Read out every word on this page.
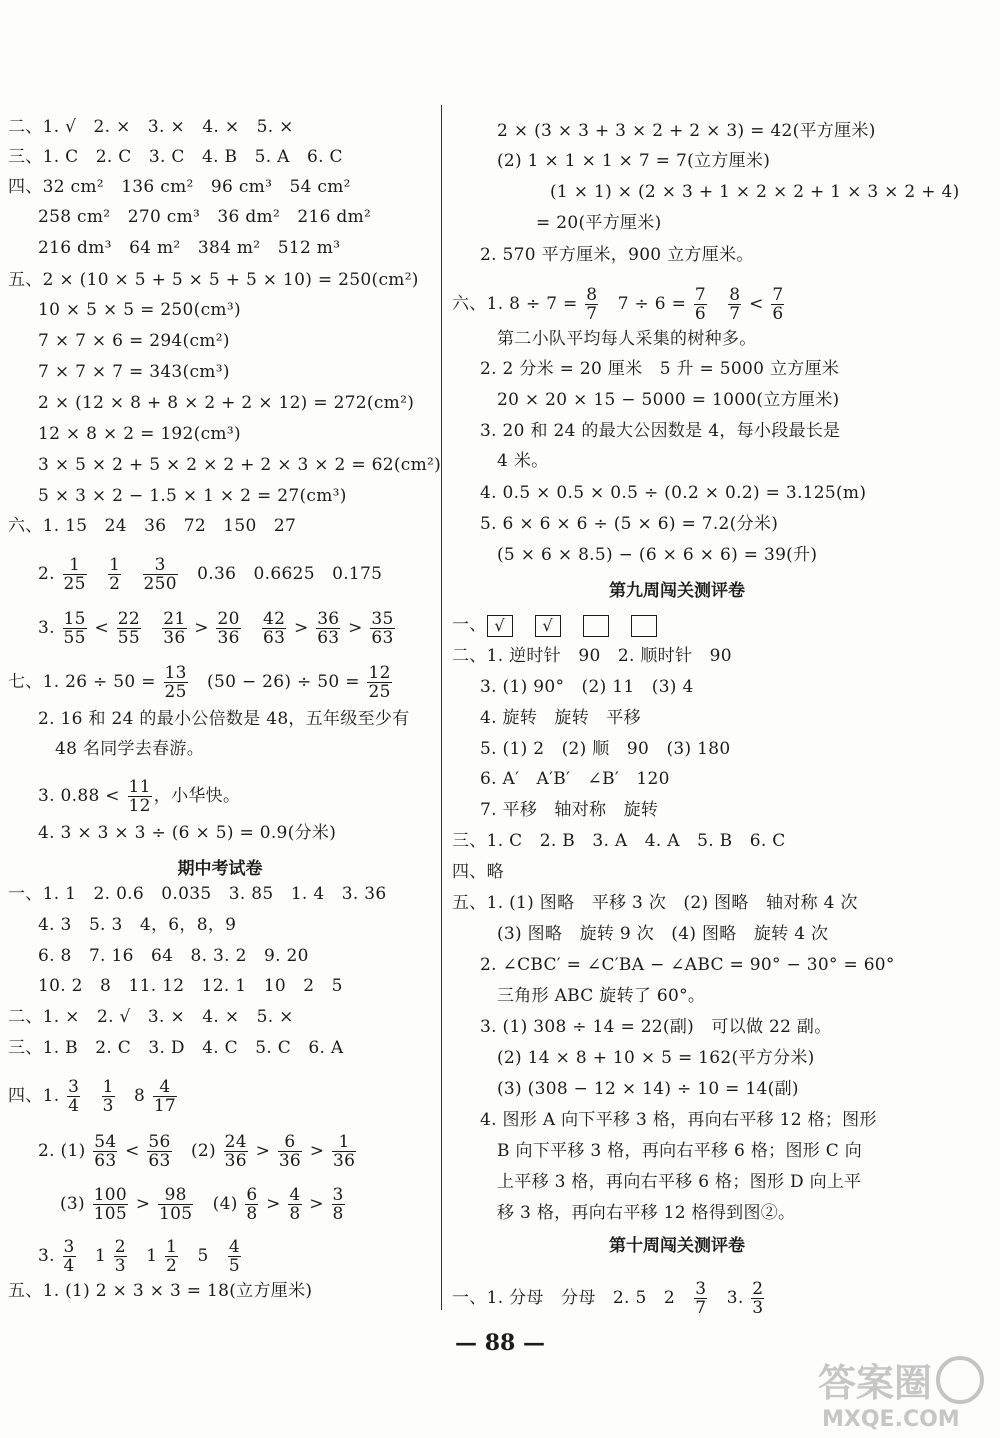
二、1. √　2. ×　3. ×　4. ×　5. ×
三、1. C　2. C　3. C　4. B　5. A　6. C
四、32 cm²　136 cm²　96 cm³　54 cm²
258 cm²　270 cm³　36 dm²　216 dm²
216 dm³　64 m²　384 m²　512 m³
五、2 × (10 × 5 + 5 × 5 + 5 × 10) = 250(cm²)
10 × 5 × 5 = 250(cm³)
7 × 7 × 6 = 294(cm²)
7 × 7 × 7 = 343(cm³)
2 × (12 × 8 + 8 × 2 + 2 × 12) = 272(cm²)
12 × 8 × 2 = 192(cm³)
3 × 5 × 2 + 5 × 2 × 2 + 2 × 3 × 2 = 62(cm²)
5 × 3 × 2 − 1.5 × 1 × 2 = 27(cm³)
六、1. 15　24　36　72　150　27
2. $\frac{1}{25}$
　 $\frac{1}{2}$
　 $\frac{3}{250}$ 　0.36　0.6625　0.175
3. $\frac{15}{55} < \frac{22}{55}$
　 $\frac{21}{36} > \frac{20}{36}$
　 $\frac{42}{63} > \frac{36}{63} > \frac{35}{63}$
七、1. $26 \div 50 = \frac{13}{25}$ 　$(50 - 26) \div 50 = \frac{12}{25}$
2. 16 和 24 的最小公倍数是 48，五年级至少有
48 名同学去春游。
3. $0.88 < \frac{11}{12}$ ，小华快。
4. 3 × 3 × 3 ÷ (6 × 5) = 0.9(分米)
一、1. 1　2. 0.6　0.035　3. 85　1. 4　3. 36
4. 3　5. 3　4，6，8，9
6. 8　7. 16　64　8. 3. 2　9. 20
10. 2　8　11. 12　12. 1　10　2　5
二、1. ×　2. √　3. ×　4. ×　5. ×
三、1. B　2. C　3. D　4. C　5. C　6. A
四、1. $\frac{3}{4}$
　 $\frac{1}{3}$ 　$8 \frac{4}{17}$
2. $(1) \frac{54}{63} < \frac{56}{63}$ 　$(2) \frac{24}{36} > \frac{6}{36} > \frac{1}{36}$
$(3) \frac{100}{105} > \frac{98}{105}$ 　$(4) \frac{6}{8} > \frac{4}{8} > \frac{3}{8}$
3. $\frac{3}{4}$ 　$1 \frac{2}{3}$ 　$1 \frac{1}{2}$ 　5　 $\frac{4}{5}$
五、1. (1) 2 × 3 × 3 = 18(立方厘米)
期中考试卷
2 × (3 × 3 + 3 × 2 + 2 × 3) = 42(平方厘米)
(2) 1 × 1 × 1 × 7 = 7(立方厘米)
(1 × 1) × (2 × 3 + 1 × 2 × 2 + 1 × 3 × 2 + 4)
= 20(平方厘米)
2. 570 平方厘米，900 立方厘米。
六、1. $8 \div 7 = \frac{8}{7}$ 　$7 \div 6 = \frac{7}{6}$
　 $\frac{8}{7} < \frac{7}{6}$
第二小队平均每人采集的树种多。
2. 2 分米 = 20 厘米　5 升 = 5000 立方厘米
20 × 20 × 15 − 5000 = 1000(立方厘米)
3. 20 和 24 的最大公因数是 4，每小段最长是
4 米。
4. 0.5 × 0.5 × 0.5 ÷ (0.2 × 0.2) = 3.125(m)
5. 6 × 6 × 6 ÷ (5 × 6) = 7.2(分米)
(5 × 6 × 8.5) − (6 × 6 × 6) = 39(升)
二、1. 逆时针　90　2. 顺时针　90
3. (1) 90°　(2) 11　(3) 4
4. 旋转　旋转　平移
5. (1) 2　(2) 顺　90　(3) 180
6. A′　A′B′　∠B′　120
7. 平移　轴对称　旋转
三、1. C　2. B　3. A　4. A　5. B　6. C
四、略
五、1. (1) 图略　平移 3 次　(2) 图略　轴对称 4 次
(3) 图略　旋转 9 次　(4) 图略　旋转 4 次
2. ∠CBC′ = ∠C′BA − ∠ABC = 90° − 30° = 60°
三角形 ABC 旋转了 60°。
3. (1) 308 ÷ 14 = 22(副)　可以做 22 副。
(2) 14 × 8 + 10 × 5 = 162(平方分米)
(3) (308 − 12 × 14) ÷ 10 = 14(副)
4. 图形 A 向下平移 3 格，再向右平移 12 格；图形
B 向下平移 3 格，再向右平移 6 格；图形 C 向
上平移 3 格，再向右平移 6 格；图形 D 向上平
移 3 格，再向右平移 12 格得到图②。
一、1. 分母　分母　2. 5　2　 $\frac{3}{7}$ 　3. $\frac{2}{3}$
第九周闯关测评卷
第十周闯关测评卷
一、 √ √
— 88 —
答案圈
MXQE.COM
